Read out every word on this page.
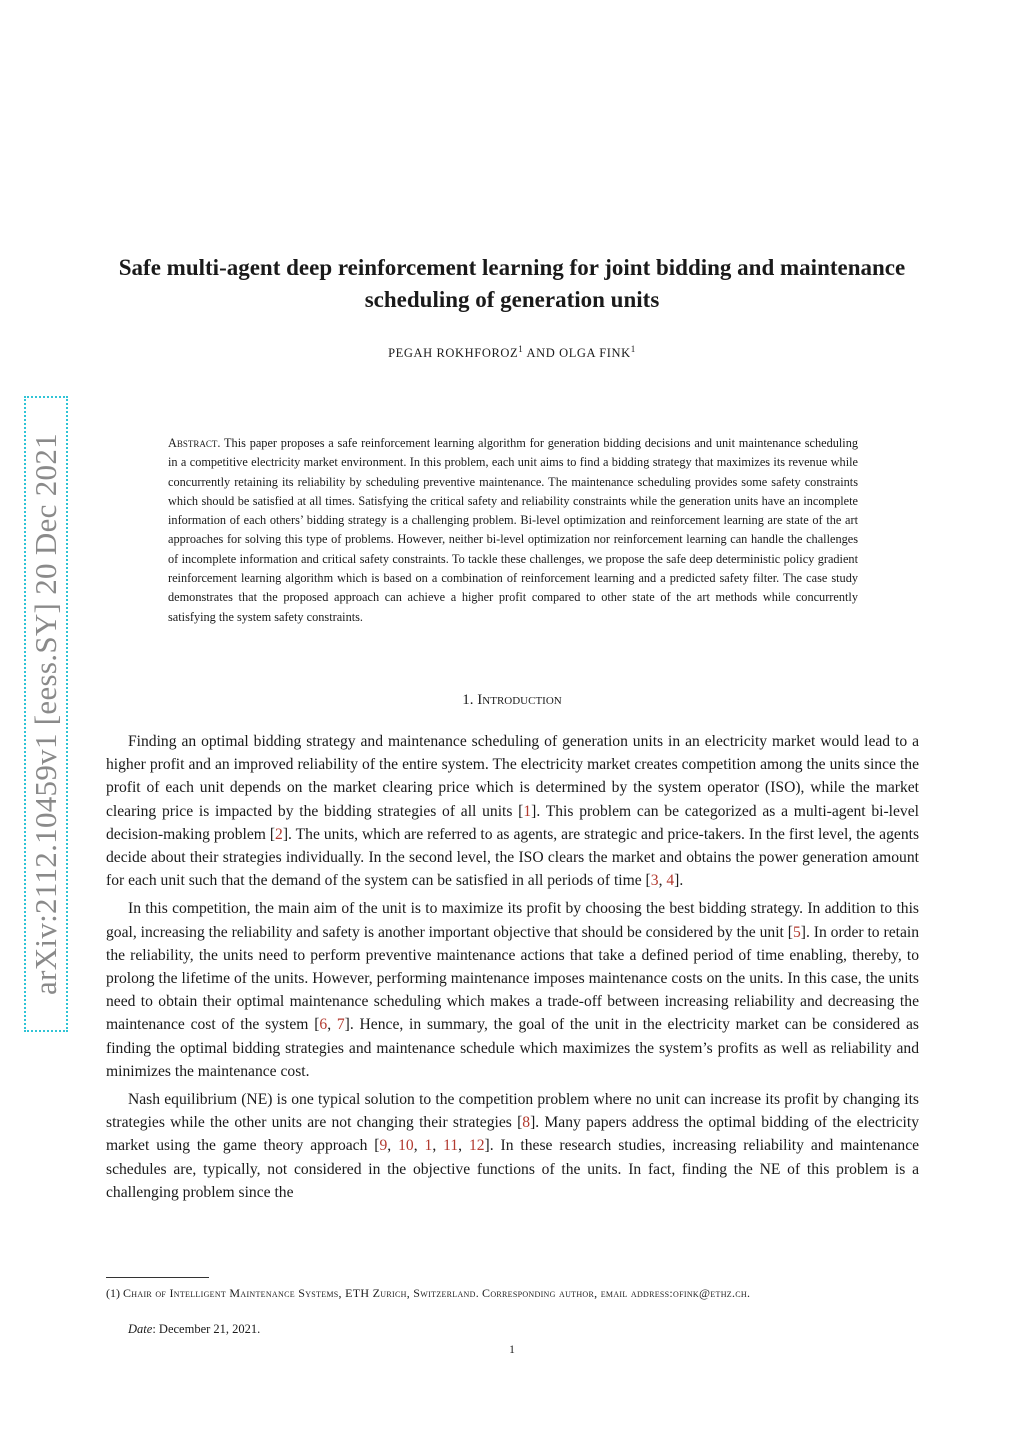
arXiv:2112.10459v1 [eess.SY] 20 Dec 2021
Safe multi-agent deep reinforcement learning for joint bidding and maintenance scheduling of generation units
PEGAH ROKHFOROZ$^1$ AND OLGA FINK$^1$
Abstract. This paper proposes a safe reinforcement learning algorithm for generation bidding decisions and unit maintenance scheduling in a competitive electricity market environment. In this problem, each unit aims to find a bidding strategy that maximizes its revenue while concurrently retaining its reliability by scheduling preventive maintenance. The maintenance scheduling provides some safety constraints which should be satisfied at all times. Satisfying the critical safety and reliability constraints while the generation units have an incomplete information of each others’ bidding strategy is a challenging problem. Bi-level optimization and reinforcement learning are state of the art approaches for solving this type of problems. However, neither bi-level optimization nor reinforcement learning can handle the challenges of incomplete information and critical safety constraints. To tackle these challenges, we propose the safe deep deterministic policy gradient reinforcement learning algorithm which is based on a combination of reinforcement learning and a predicted safety filter. The case study demonstrates that the proposed approach can achieve a higher profit compared to other state of the art methods while concurrently satisfying the system safety constraints.
1. Introduction

Finding an optimal bidding strategy and maintenance scheduling of generation units in an electricity market would lead to a higher profit and an improved reliability of the entire system. The electricity market creates competition among the units since the profit of each unit depends on the market clearing price which is determined by the system operator (ISO), while the market clearing price is impacted by the bidding strategies of all units [1]. This problem can be categorized as a multi-agent bi-level decision-making problem [2]. The units, which are referred to as agents, are strategic and price-takers. In the first level, the agents decide about their strategies individually. In the second level, the ISO clears the market and obtains the power generation amount for each unit such that the demand of the system can be satisfied in all periods of time [3, 4].

In this competition, the main aim of the unit is to maximize its profit by choosing the best bidding strategy. In addition to this goal, increasing the reliability and safety is another important objective that should be considered by the unit [5]. In order to retain the reliability, the units need to perform preventive maintenance actions that take a defined period of time enabling, thereby, to prolong the lifetime of the units. However, performing maintenance imposes maintenance costs on the units. In this case, the units need to obtain their optimal maintenance scheduling which makes a trade-off between increasing reliability and decreasing the maintenance cost of the system [6, 7]. Hence, in summary, the goal of the unit in the electricity market can be considered as finding the optimal bidding strategies and maintenance schedule which maximizes the system’s profits as well as reliability and minimizes the maintenance cost.

Nash equilibrium (NE) is one typical solution to the competition problem where no unit can increase its profit by changing its strategies while the other units are not changing their strategies [8]. Many papers address the optimal bidding of the electricity market using the game theory approach [9, 10, 1, 11, 12]. In these research studies, increasing reliability and maintenance schedules are, typically, not considered in the objective functions of the units. In fact, finding the NE of this problem is a challenging problem since the

(1) Chair of Intelligent Maintenance Systems, ETH Zurich, Switzerland. Corresponding author, email address:ofink@ethz.ch.
Date: December 21, 2021.
1
